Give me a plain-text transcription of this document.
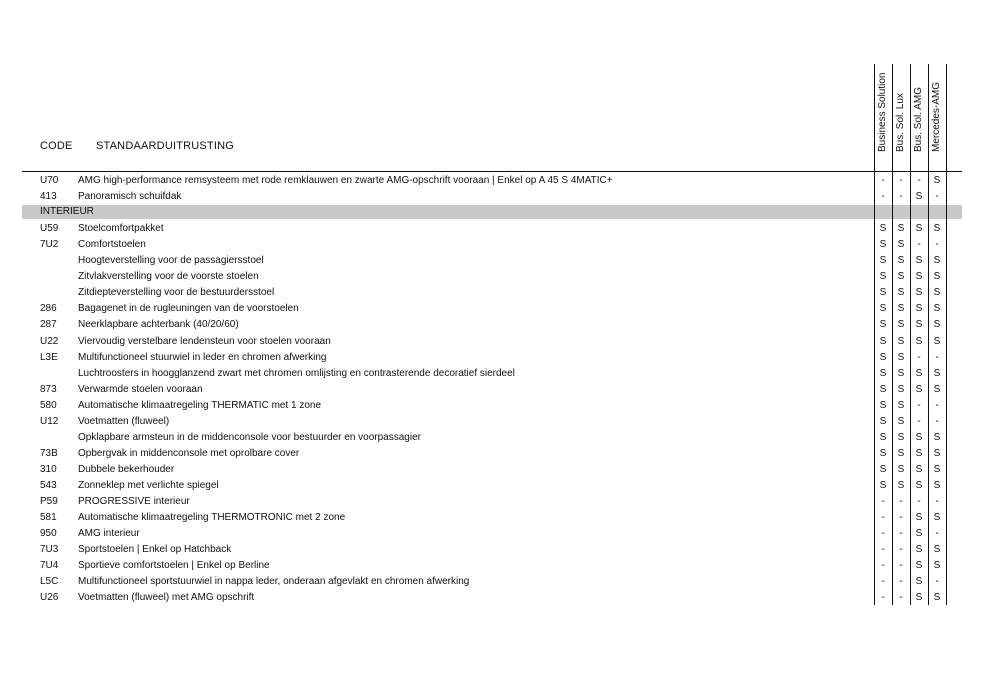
CODE STANDAARDUITRUSTING	Business Solution Bus. Sol. Lux Bus. Sol. AMG Mercedes-AMG
U70 AMG high-performance remsysteem met rode remklauwen en zwarte AMG-opschrift vooraan | Enkel op A 45 S 4MATIC+	-	-	-	S
413 Panoramisch schuifdak	-	-	S	-
INTERIEUR
U59 Stoelcomfortpakket	S	S	S	S
7U2 Comfortstoelen	S	S	-	-
Hoogteverstelling voor de passagiersstoel	S	S	S	S
Zitvlakverstelling voor de voorste stoelen	S	S	S	S
Zitdiepteverstelling voor de bestuurdersstoel	S	S	S	S
286 Bagagenet in de rugleuningen van de voorstoelen	S	S	S	S
287 Neerklapbare achterbank (40/20/60)	S	S	S	S
U22 Viervoudig verstelbare lendensteun voor stoelen vooraan	S	S	S	S
L3E Multifunctioneel stuurwiel in leder en chromen afwerking	S	S	-	-
Luchtroosters in hoogglanzend zwart met chromen omlijsting en contrasterende decoratief sierdeel	S	S	S	S
873 Verwarmde stoelen vooraan	S	S	S	S
580 Automatische klimaatregeling THERMATIC met 1 zone	S	S	-	-
U12 Voetmatten (fluweel)	S	S	-	-
Opklapbare armsteun in de middenconsole voor bestuurder en voorpassagier	S	S	S	S
73B Opbergvak in middenconsole met oprolbare cover	S	S	S	S
310 Dubbele bekerhouder	S	S	S	S
543 Zonneklep met verlichte spiegel	S	S	S	S
P59 PROGRESSIVE interieur	-	-	-	-
581 Automatische klimaatregeling THERMOTRONIC met 2 zone	-	-	S	S
950 AMG interieur	-	-	S	-
7U3 Sportstoelen | Enkel op Hatchback	-	-	S	S
7U4 Sportieve comfortstoelen | Enkel op Berline	-	-	S	S
L5C Multifunctioneel sportstuurwiel in nappa leder, onderaan afgevlakt en chromen afwerking	-	-	S	-
U26 Voetmatten (fluweel) met AMG opschrift	-	-	S	S
